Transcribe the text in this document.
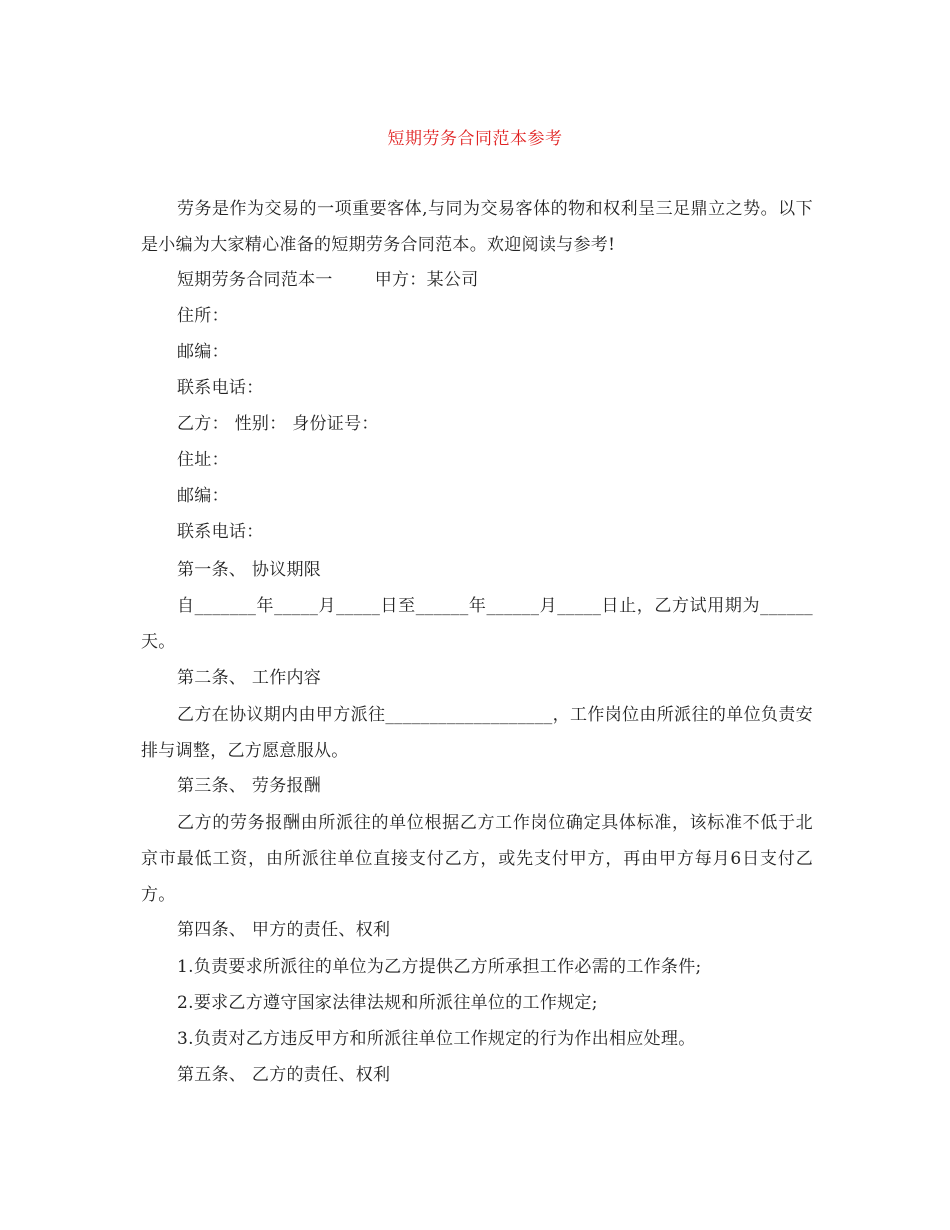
短期劳务合同范本参考

劳务是作为交易的一项重要客体,与同为交易客体的物和权利呈三足鼎立之势。以下是小编为大家精心准备的短期劳务合同范本。欢迎阅读与参考!

短期劳务合同范本一 甲方：某公司
住所：
邮编：
联系电话：
乙方： 性别： 身份证号：
住址：
邮编：
联系电话：
第一条、 协议期限

自_______年_____月_____日至______年______月_____日止，乙方试用期为______天。

第二条、 工作内容

乙方在协议期内由甲方派往___________________，工作岗位由所派往的单位负责安排与调整，乙方愿意服从。

第三条、 劳务报酬

乙方的劳务报酬由所派往的单位根据乙方工作岗位确定具体标准，该标准不低于北京市最低工资，由所派往单位直接支付乙方，或先支付甲方，再由甲方每月6日支付乙方。

第四条、 甲方的责任、权利
1.负责要求所派往的单位为乙方提供乙方所承担工作必需的工作条件;
2.要求乙方遵守国家法律法规和所派往单位的工作规定;
3.负责对乙方违反甲方和所派往单位工作规定的行为作出相应处理。
第五条、 乙方的责任、权利
